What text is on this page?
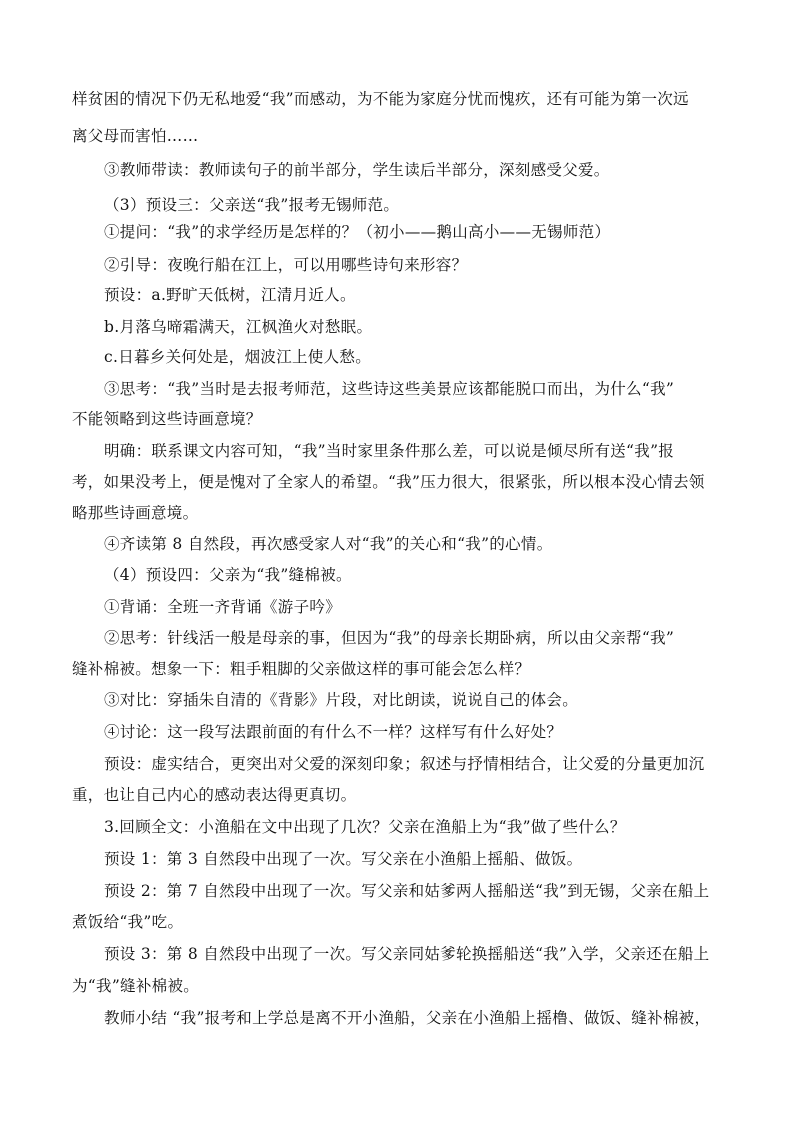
样贫困的情况下仍无私地爱“我”而感动，为不能为家庭分忧而愧疚，还有可能为第一次远
离父母而害怕……
③教师带读：教师读句子的前半部分，学生读后半部分，深刻感受父爱。
（3）预设三：父亲送“我”报考无锡师范。
①提问：“我”的求学经历是怎样的？（初小——鹅山高小——无锡师范）
②引导：夜晚行船在江上，可以用哪些诗句来形容？
预设：a.野旷天低树，江清月近人。
b.月落乌啼霜满天，江枫渔火对愁眠。
c.日暮乡关何处是，烟波江上使人愁。
③思考：“我”当时是去报考师范，这些诗这些美景应该都能脱口而出，为什么“我”
不能领略到这些诗画意境？
明确：联系课文内容可知，“我”当时家里条件那么差，可以说是倾尽所有送“我”报
考，如果没考上，便是愧对了全家人的希望。“我”压力很大，很紧张，所以根本没心情去领
略那些诗画意境。
④齐读第 8 自然段，再次感受家人对“我”的关心和“我”的心情。
（4）预设四：父亲为“我”缝棉被。
①背诵：全班一齐背诵《游子吟》
②思考：针线活一般是母亲的事，但因为“我”的母亲长期卧病，所以由父亲帮“我”
缝补棉被。想象一下：粗手粗脚的父亲做这样的事可能会怎么样？
③对比：穿插朱自清的《背影》片段，对比朗读，说说自己的体会。
④讨论：这一段写法跟前面的有什么不一样？这样写有什么好处？
预设：虚实结合，更突出对父爱的深刻印象；叙述与抒情相结合，让父爱的分量更加沉
重，也让自己内心的感动表达得更真切。
3.回顾全文：小渔船在文中出现了几次？父亲在渔船上为“我”做了些什么？
预设 1：第 3 自然段中出现了一次。写父亲在小渔船上摇船、做饭。
预设 2：第 7 自然段中出现了一次。写父亲和姑爹两人摇船送“我”到无锡，父亲在船上
煮饭给“我”吃。
预设 3：第 8 自然段中出现了一次。写父亲同姑爹轮换摇船送“我”入学，父亲还在船上
为“我”缝补棉被。
教师小结 “我”报考和上学总是离不开小渔船，父亲在小渔船上摇橹、做饭、缝补棉被，
